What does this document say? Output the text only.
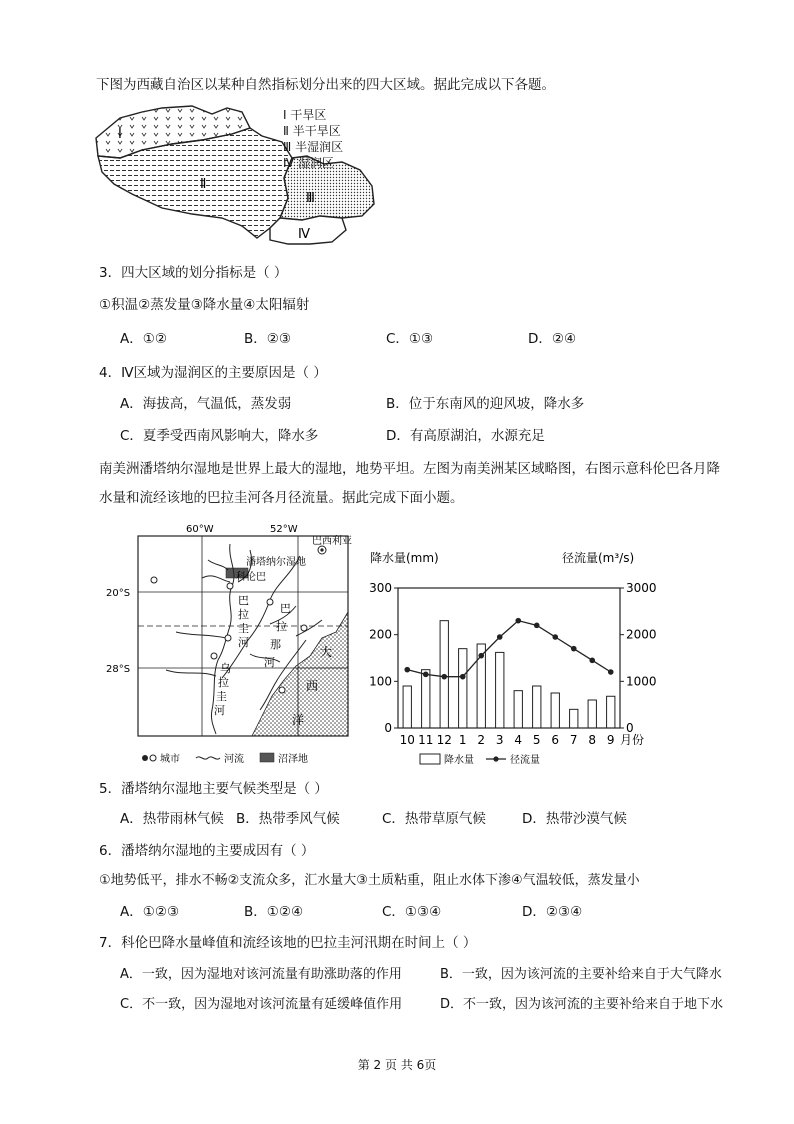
下图为西藏自治区以某种自然指标划分出来的四大区域。据此完成以下各题。
Ⅰ
Ⅱ
Ⅲ
Ⅳ
Ⅰ 干旱区
Ⅱ 半干旱区
Ⅲ 半湿润区
Ⅳ 湿润区
3．四大区域的划分指标是（ ）
①积温②蒸发量③降水量④太阳辐射
A．①②	B．②③	C．①③	D．②④
4．Ⅳ区域为湿润区的主要原因是（ ）
A．海拔高，气温低，蒸发弱	B．位于东南风的迎风坡，降水多
C．夏季受西南风影响大，降水多	D．有高原湖泊，水源充足
南美洲潘塔纳尔湿地是世界上最大的湿地，地势平坦。左图为南美洲某区域略图，右图示意科伦巴各月降
水量和流经该地的巴拉圭河各月径流量。据此完成下面小题。
60°W	52°W
20°S
28°S
巴西利亚
潘塔纳尔湿地
科伦巴
巴
拉
圭
河
巴
拉
那
河
乌
拉
圭
河
大
西
洋
城市	河流	沼泽地
降水量(mm)	径流量(m³/s)
月份
0
100
200
300
0
1000
2000
3000
10 11 12 1 2 3 4 5 6 7 8 9
降水量	径流量
5．潘塔纳尔湿地主要气候类型是（ ）
A．热带雨林气候 B．热带季风气候	C．热带草原气候	D．热带沙漠气候
6．潘塔纳尔湿地的主要成因有（ ）
①地势低平，排水不畅②支流众多，汇水量大③土质粘重，阻止水体下渗④气温较低，蒸发量小
A．①②③	B．①②④	C．①③④	D．②③④
7．科伦巴降水量峰值和流经该地的巴拉圭河汛期在时间上（ ）
A．一致，因为湿地对该河流量有助涨助落的作用	B．一致，因为该河流的主要补给来自于大气降水
C．不一致，因为湿地对该河流量有延缓峰值作用	D．不一致，因为该河流的主要补给来自于地下水
第 2 页 共 6页
